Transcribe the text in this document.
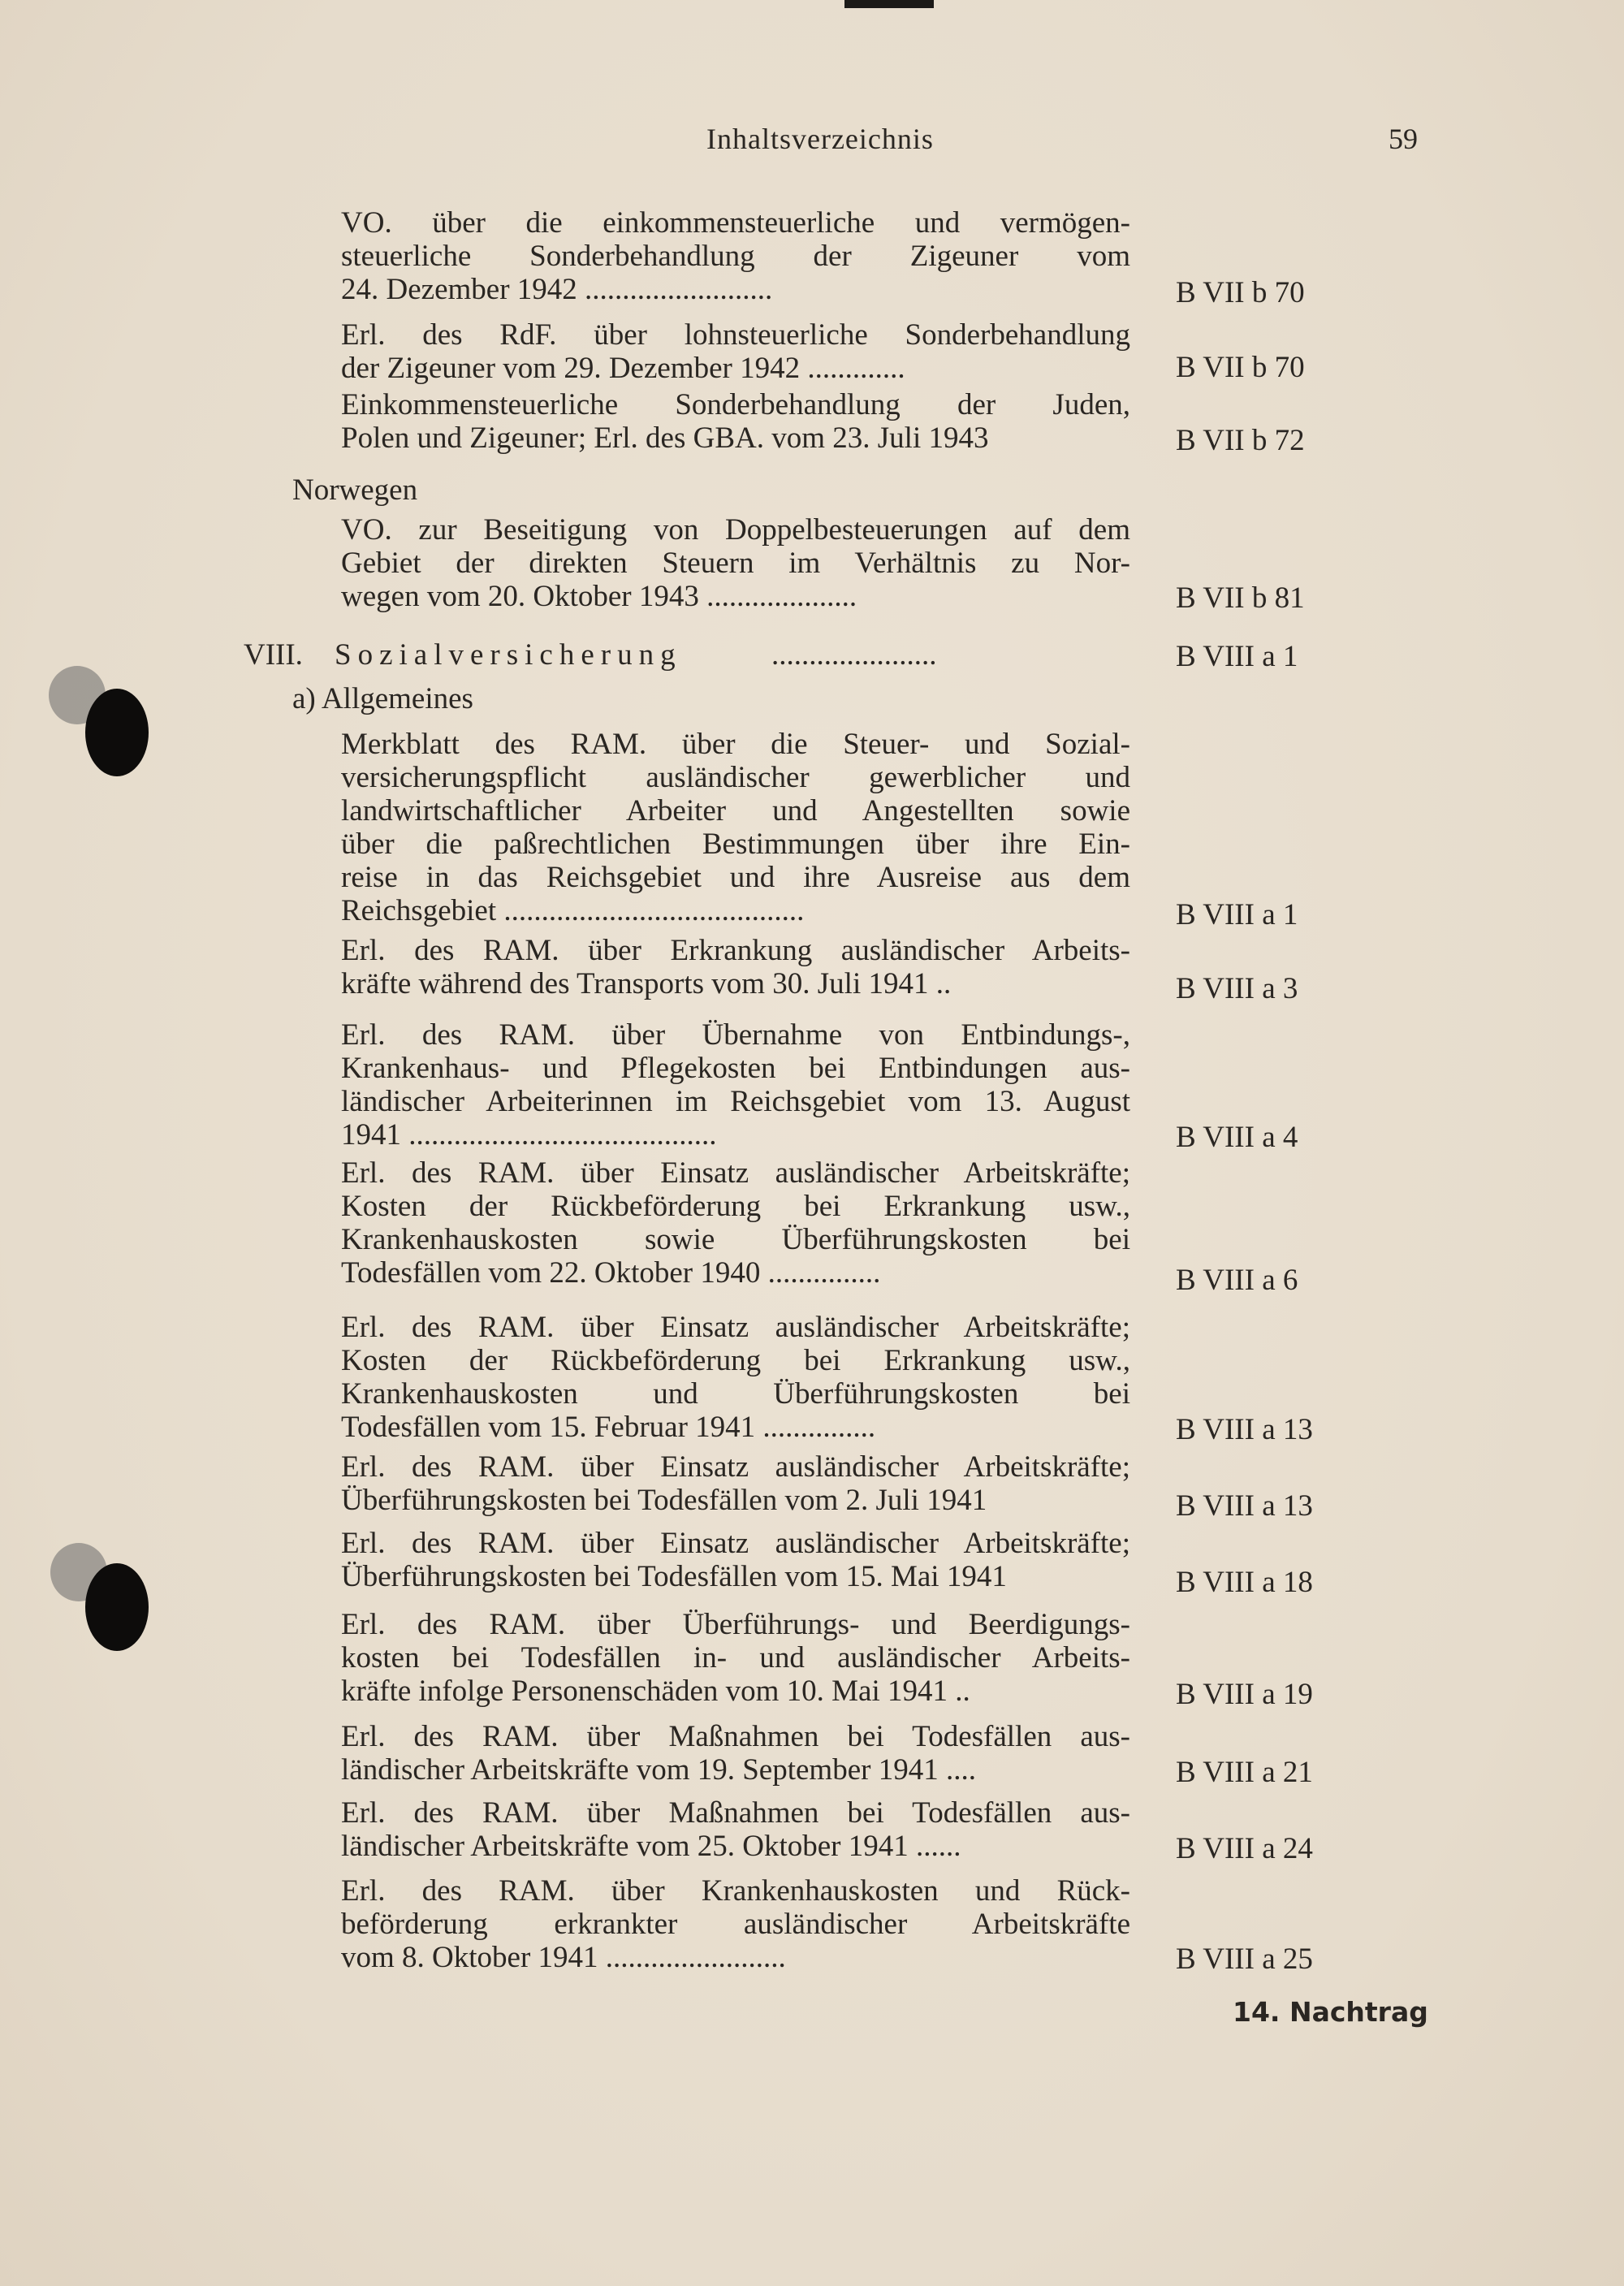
Inhaltsverzeichnis	59
VO. über die einkommensteuerliche und vermögen-
steuerliche Sonderbehandlung der Zigeuner vom
24. Dezember 1942 .........................	B VII b 70
Erl. des RdF. über lohnsteuerliche Sonderbehandlung
der Zigeuner vom 29. Dezember 1942 .............	B VII b 70
Einkommensteuerliche Sonderbehandlung der Juden,
Polen und Zigeuner; Erl. des GBA. vom 23. Juli 1943	B VII b 72
Norwegen
VO. zur Beseitigung von Doppelbesteuerungen auf dem
Gebiet der direkten Steuern im Verhältnis zu Nor-
wegen vom 20. Oktober 1943 ....................	B VII b 81
VIII. Sozialversicherung	......................	B VIII a 1
a) Allgemeines
Merkblatt des RAM. über die Steuer- und Sozial-
versicherungspflicht ausländischer gewerblicher und
landwirtschaftlicher Arbeiter und Angestellten sowie
über die paßrechtlichen Bestimmungen über ihre Ein-
reise in das Reichsgebiet und ihre Ausreise aus dem
Reichsgebiet ........................................	B VIII a 1
Erl. des RAM. über Erkrankung ausländischer Arbeits-
kräfte während des Transports vom 30. Juli 1941 ..	B VIII a 3
Erl. des RAM. über Übernahme von Entbindungs-,
Krankenhaus- und Pflegekosten bei Entbindungen aus-
ländischer Arbeiterinnen im Reichsgebiet vom 13. August
1941 .........................................	B VIII a 4
Erl. des RAM. über Einsatz ausländischer Arbeitskräfte;
Kosten der Rückbeförderung bei Erkrankung usw.,
Krankenhauskosten sowie Überführungskosten bei
Todesfällen vom 22. Oktober 1940 ...............	B VIII a 6
Erl. des RAM. über Einsatz ausländischer Arbeitskräfte;
Kosten der Rückbeförderung bei Erkrankung usw.,
Krankenhauskosten und Überführungskosten bei
Todesfällen vom 15. Februar 1941 ...............	B VIII a 13
Erl. des RAM. über Einsatz ausländischer Arbeitskräfte;
Überführungskosten bei Todesfällen vom 2. Juli 1941	B VIII a 13
Erl. des RAM. über Einsatz ausländischer Arbeitskräfte;
Überführungskosten bei Todesfällen vom 15. Mai 1941	B VIII a 18
Erl. des RAM. über Überführungs- und Beerdigungs-
kosten bei Todesfällen in- und ausländischer Arbeits-
kräfte infolge Personenschäden vom 10. Mai 1941 ..	B VIII a 19
Erl. des RAM. über Maßnahmen bei Todesfällen aus-
ländischer Arbeitskräfte vom 19. September 1941 ....	B VIII a 21
Erl. des RAM. über Maßnahmen bei Todesfällen aus-
ländischer Arbeitskräfte vom 25. Oktober 1941 ......	B VIII a 24
Erl. des RAM. über Krankenhauskosten und Rück-
beförderung erkrankter ausländischer Arbeitskräfte
vom 8. Oktober 1941 ........................	B VIII a 25
14. Nachtrag
